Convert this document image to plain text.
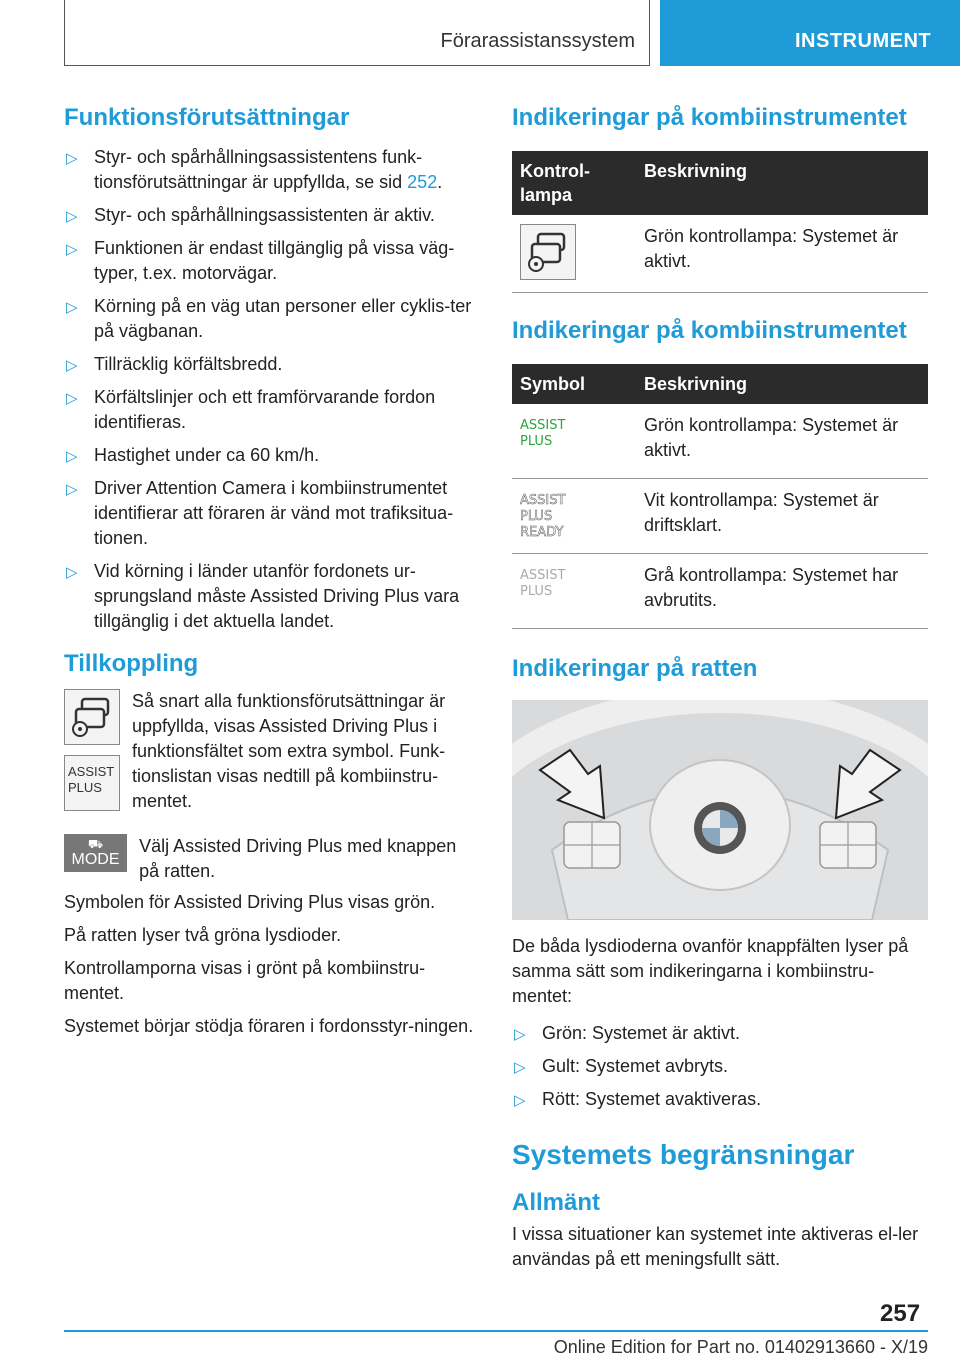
Förarassistanssystem	INSTRUMENT
Funktionsförutsättningar
▷ Styr- och spårhållningsassistentens funk-tionsförutsättningar är uppfyllda, se sid 252.
▷ Styr- och spårhållningsassistenten är aktiv.
▷ Funktionen är endast tillgänglig på vissa väg-typer, t.ex. motorvägar.
▷ Körning på en väg utan personer eller cyklis-ter på vägbanan.
▷ Tillräcklig körfältsbredd.
▷ Körfältslinjer och ett framförvarande fordon identifieras.
▷ Hastighet under ca 60 km/h.
▷ Driver Attention Camera i kombiinstrumentet identifierar att föraren är vänd mot trafiksitua-tionen.
▷ Vid körning i länder utanför fordonets ur-sprungsland måste Assisted Driving Plus vara tillgänglig i det aktuella landet.
Tillkoppling
ASSIST
PLUS

Så snart alla funktionsförutsättningar är uppfyllda, visas Assisted Driving Plus i funktionsfältet som extra symbol. Funk-tionslistan visas nedtill på kombiinstru-mentet.

⛟
MODE

Välj Assisted Driving Plus med knappen på ratten.

Symbolen för Assisted Driving Plus visas grön.

På ratten lyser två gröna lysdioder.

Kontrollamporna visas i grönt på kombiinstru-mentet.

Systemet börjar stödja föraren i fordonsstyr-ningen.

Indikeringar på kombiinstrumentet
Kontrol-lampa	Beskrivning

	Grön kontrollampa: Systemet är aktivt.
Indikeringar på kombiinstrumentet
Symbol	Beskrivning

ASSIST
PLUS	Grön kontrollampa: Systemet är aktivt.

ASSIST
PLUS
READY	Vit kontrollampa: Systemet är driftsklart.

ASSIST
PLUS	Grå kontrollampa: Systemet har avbrutits.
Indikeringar på ratten

De båda lysdioderna ovanför knappfälten lyser på samma sätt som indikeringarna i kombiinstru-mentet:

▷ Grön: Systemet är aktivt.
▷ Gult: Systemet avbryts.
▷ Rött: Systemet avaktiveras.
Systemets begränsningar
Allmänt

I vissa situationer kan systemet inte aktiveras el-ler användas på ett meningsfullt sätt.

257
Online Edition for Part no. 01402913660 - X/19
